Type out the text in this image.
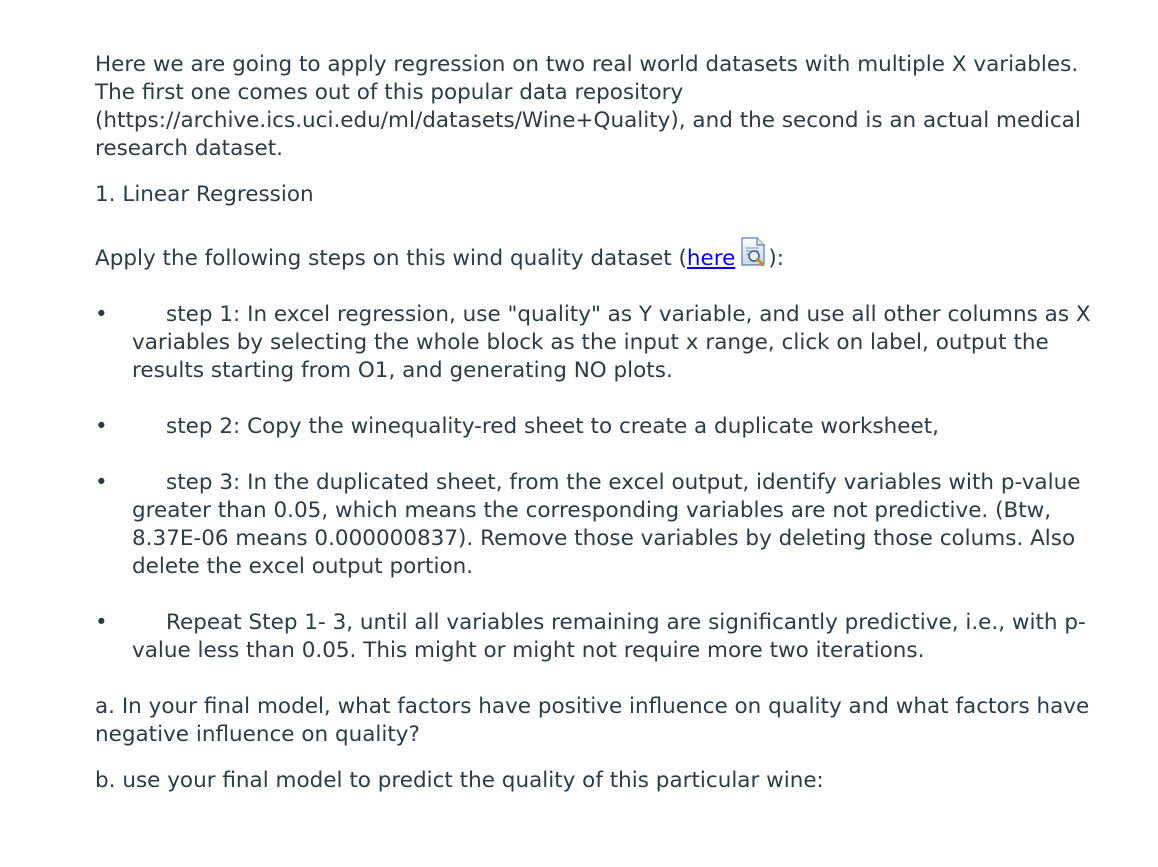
Here we are going to apply regression on two real world datasets with multiple X variables. The first one comes out of this popular data repository (https://archive.ics.uci.edu/ml/datasets/Wine+Quality), and the second is an actual medical research dataset.

1. Linear Regression

Apply the following steps on this wind quality dataset (here ):

•	step 1: In excel regression, use "quality" as Y variable, and use all other columns as X variables by selecting the whole block as the input x range, click on label, output the results starting from O1, and generating NO plots.
•	step 2: Copy the winequality-red sheet to create a duplicate worksheet,
•	step 3: In the duplicated sheet, from the excel output, identify variables with p-value greater than 0.05, which means the corresponding variables are not predictive. (Btw, 8.37E-06 means 0.000000837). Remove those variables by deleting those colums. Also delete the excel output portion.
•	Repeat Step 1- 3, until all variables remaining are significantly predictive, i.e., with p-value less than 0.05. This might or might not require more two iterations.

a. In your final model, what factors have positive influence on quality and what factors have negative influence on quality?

b. use your final model to predict the quality of this particular wine:
